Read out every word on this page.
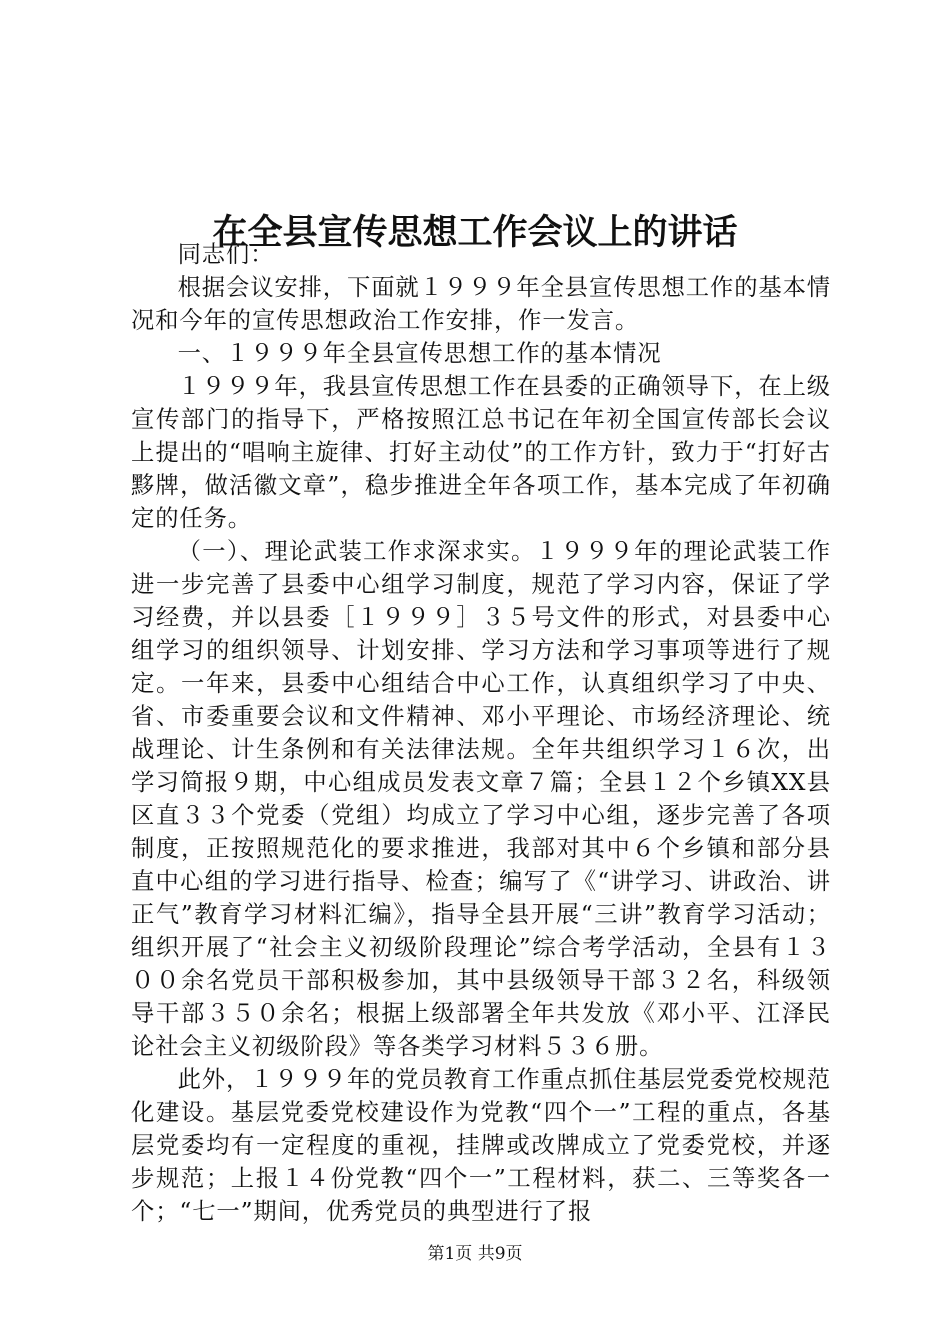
在全县宣传思想工作会议上的讲话

同志们：

根据会议安排，下面就１９９９年全县宣传思想工作的基本情况和今年的宣传思想政治工作安排，作一发言。

一、１９９９年全县宣传思想工作的基本情况

１９９９年，我县宣传思想工作在县委的正确领导下，在上级宣传部门的指导下，严格按照江总书记在年初全国宣传部长会议上提出的“唱响主旋律、打好主动仗”的工作方针，致力于“打好古黟牌，做活徽文章”，稳步推进全年各项工作，基本完成了年初确定的任务。

（一）、理论武装工作求深求实。１９９９年的理论武装工作进一步完善了县委中心组学习制度，规范了学习内容，保证了学习经费，并以县委［１９９９］３５号文件的形式，对县委中心组学习的组织领导、计划安排、学习方法和学习事项等进行了规定。一年来，县委中心组结合中心工作，认真组织学习了中央、省、市委重要会议和文件精神、邓小平理论、市场经济理论、统战理论、计生条例和有关法律法规。全年共组织学习１６次，出学习简报９期，中心组成员发表文章７篇；全县１２个乡镇XX县区直３３个党委（党组）均成立了学习中心组，逐步完善了各项制度，正按照规范化的要求推进，我部对其中６个乡镇和部分县直中心组的学习进行指导、检查；编写了《“讲学习、讲政治、讲正气”教育学习材料汇编》，指导全县开展“三讲”教育学习活动；组织开展了“社会主义初级阶段理论”综合考学活动，全县有１３００余名党员干部积极参加，其中县级领导干部３２名，科级领导干部３５０余名；根据上级部署全年共发放《邓小平、江泽民论社会主义初级阶段》等各类学习材料５３６册。

此外，１９９９年的党员教育工作重点抓住基层党委党校规范化建设。基层党委党校建设作为党教“四个一”工程的重点，各基层党委均有一定程度的重视，挂牌或改牌成立了党委党校，并逐步规范；上报１４份党教“四个一”工程材料，获二、三等奖各一个；“七一”期间，优秀党员的典型进行了报

第1页 共9页
